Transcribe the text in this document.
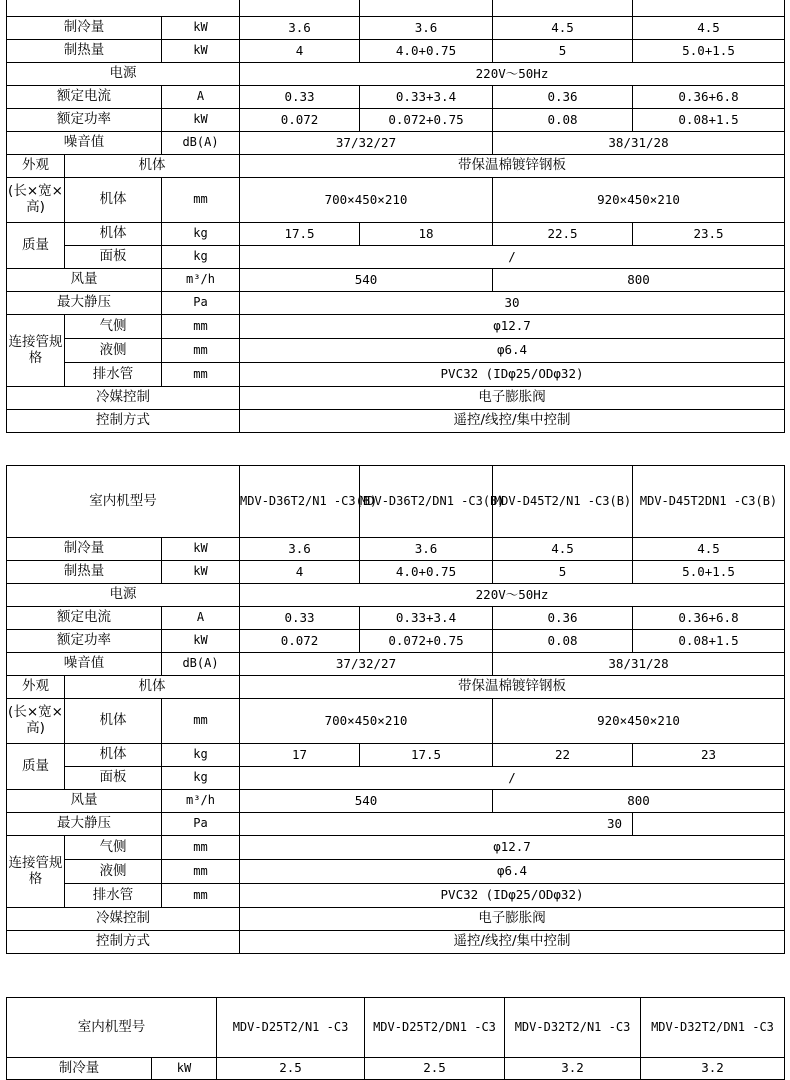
制冷量		kW	3.6	3.6	4.5	4.5
制热量		kW	4	4.0+0.75	5	5.0+1.5
电源			220V～50Hz			
额定电流		A	0.33	0.33+3.4	0.36	0.36+6.8
额定功率		kW	0.072	0.072+0.75	0.08	0.08+1.5
噪音值		dB(A)	37/32/27		38/31/28	
外观	机体		带保温棉镀锌钢板			
(长×宽×高)	机体	mm	700×450×210		920×450×210	
质量	机体	kg	17.5	18	22.5	23.5
	面板	kg	/			
风量		m³/h	540		800	
最大静压		Pa	30			
连接管规格	气侧	mm	φ12.7			
	液侧	mm	φ6.4			
	排水管	mm	PVC32 (IDφ25/ODφ32)			
冷媒控制			电子膨胀阀			
控制方式			遥控/线控/集中控制			
室内机型号			MDV-D36T2/N1 -C3(B)	MDV-D36T2/DN1 -C3(B)	MDV-D45T2/N1 -C3(B)	MDV-D45T2DN1 -C3(B)
制冷量		kW	3.6	3.6	4.5	4.5
制热量		kW	4	4.0+0.75	5	5.0+1.5
电源			220V～50Hz			
额定电流		A	0.33	0.33+3.4	0.36	0.36+6.8
额定功率		kW	0.072	0.072+0.75	0.08	0.08+1.5
噪音值		dB(A)	37/32/27		38/31/28	
外观	机体		带保温棉镀锌钢板			
(长×宽×高)	机体	mm	700×450×210		920×450×210	
质量	机体	kg	17	17.5	22	23
	面板	kg	/			
风量		m³/h	540		800	
最大静压		Pa	30			
连接管规格	气侧	mm	φ12.7			
	液侧	mm	φ6.4			
	排水管	mm	PVC32 (IDφ25/ODφ32)			
冷媒控制			电子膨胀阀			
控制方式			遥控/线控/集中控制			
室内机型号		MDV-D25T2/N1 -C3	MDV-D25T2/DN1 -C3	MDV-D32T2/N1 -C3	MDV-D32T2/DN1 -C3
制冷量	kW	2.5	2.5	3.2	3.2
